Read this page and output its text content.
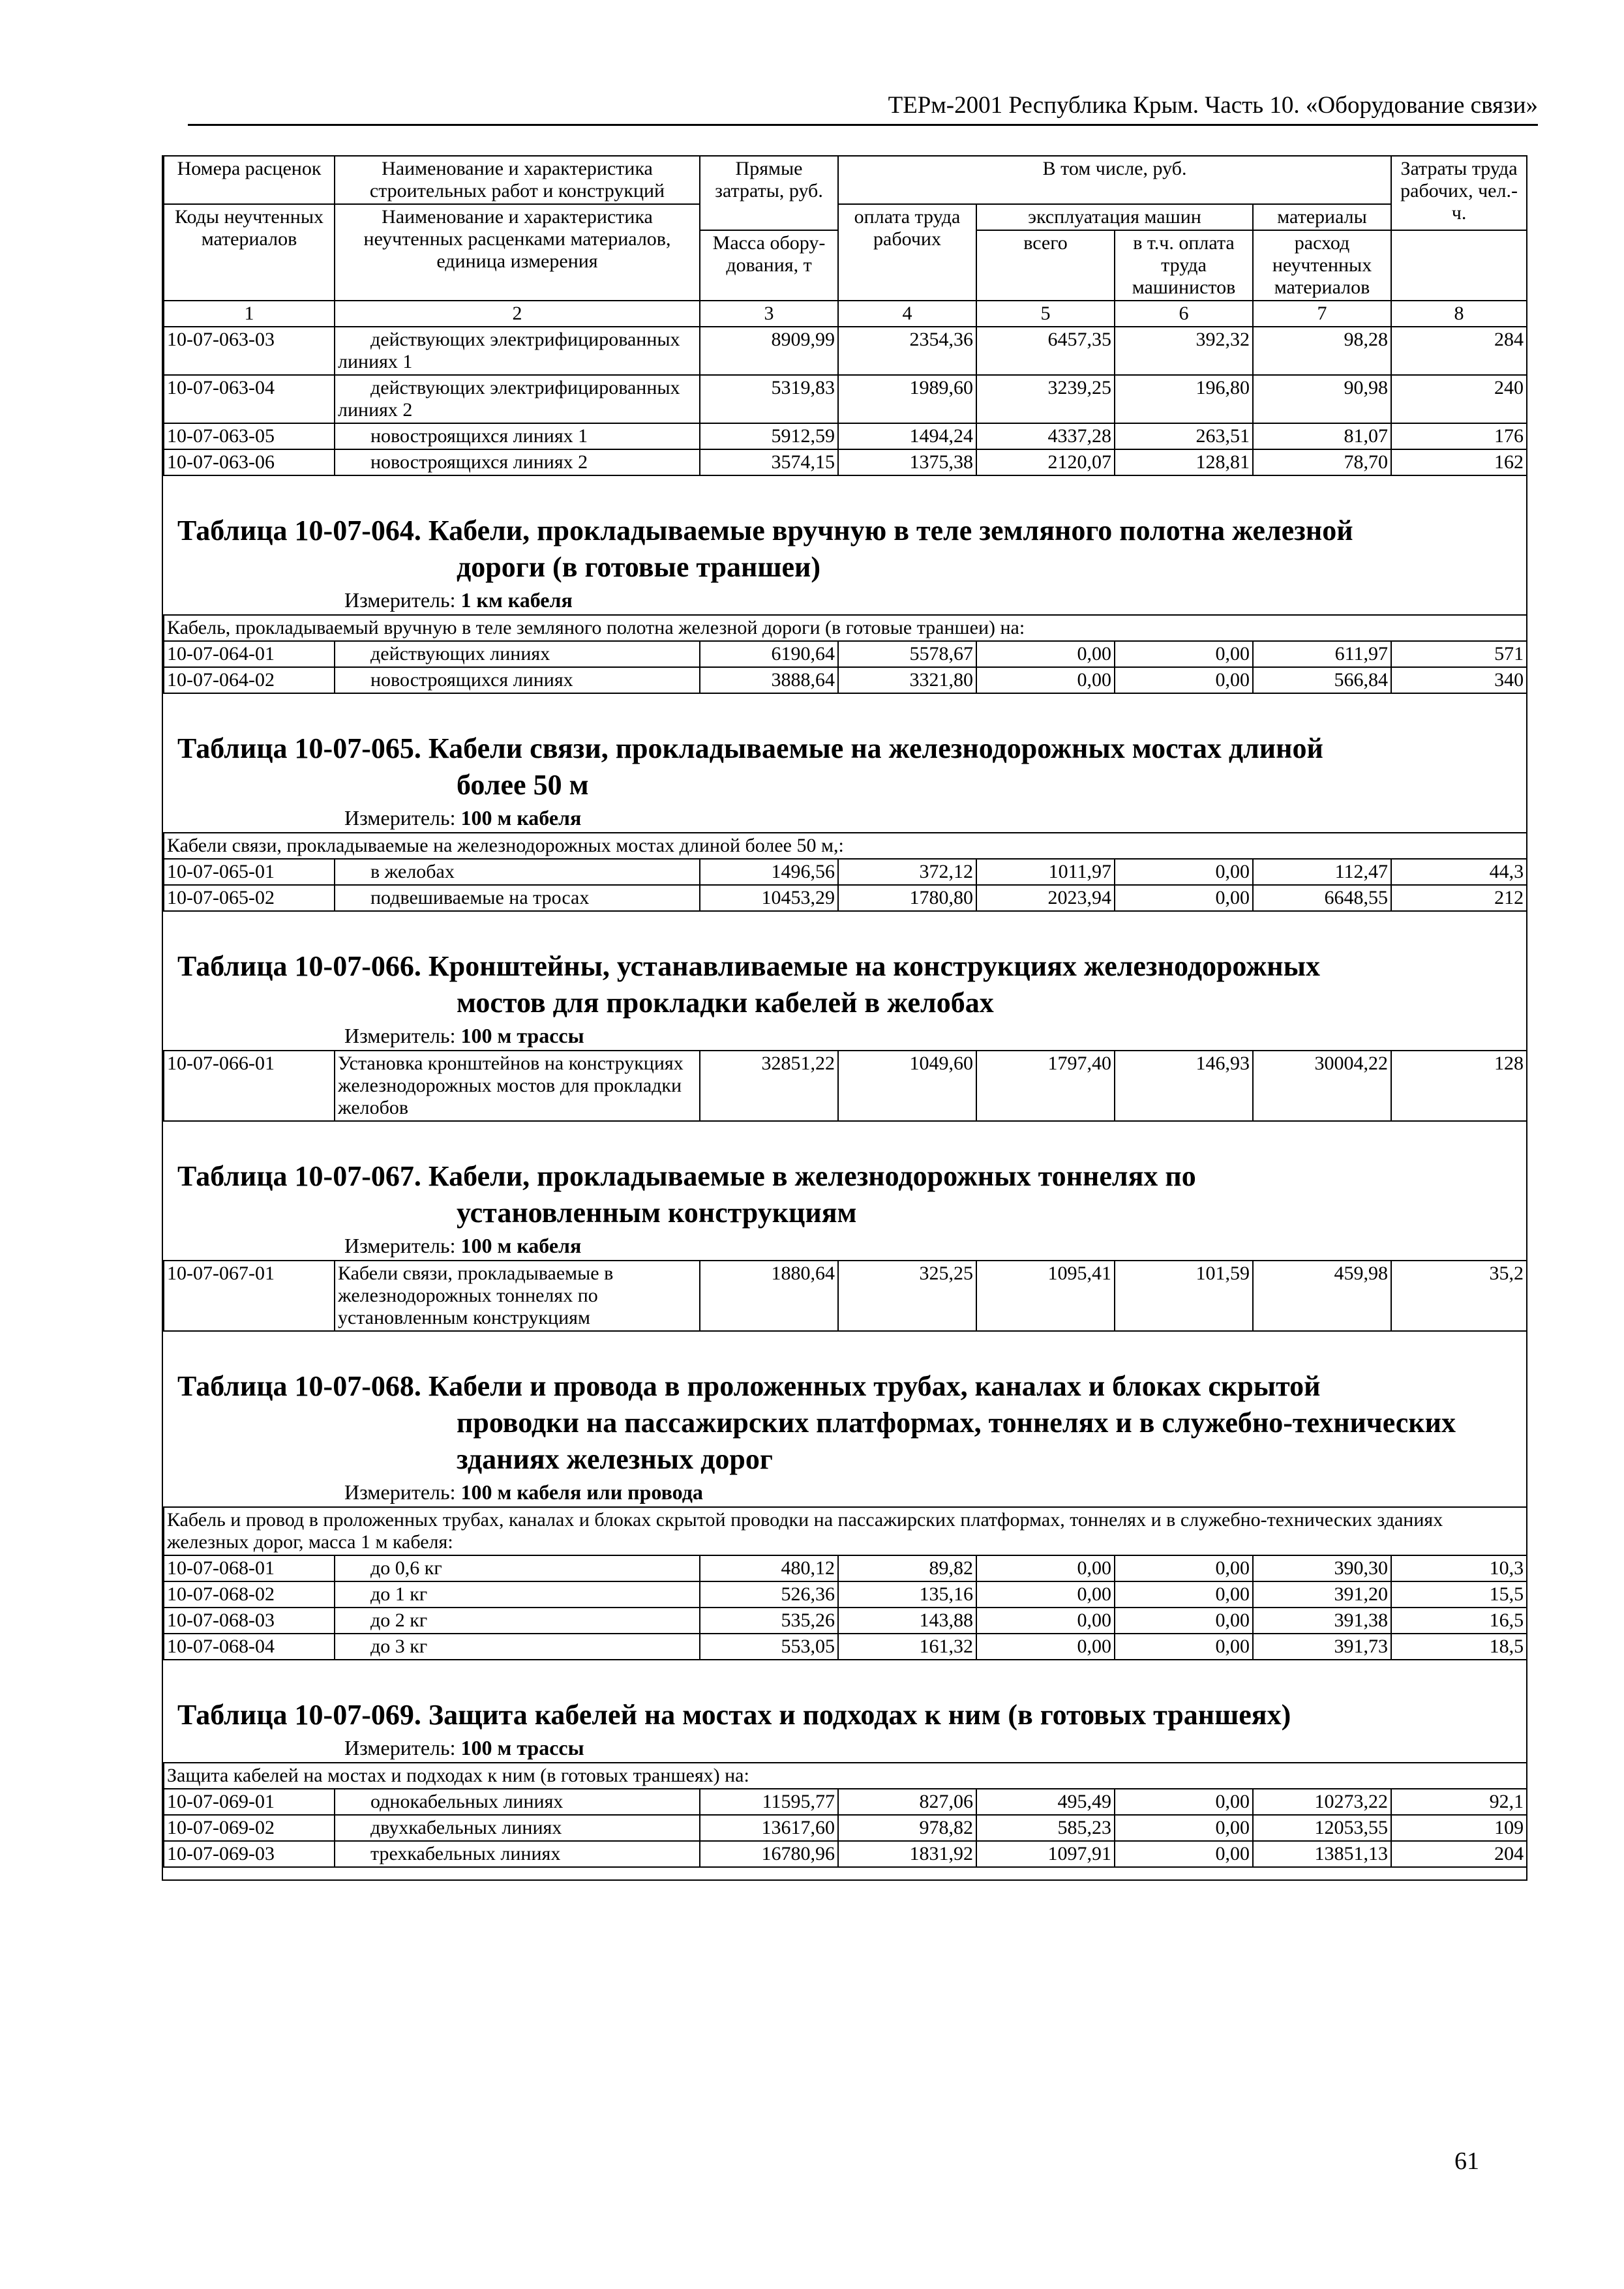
ТЕРм-2001 Республика Крым. Часть 10. «Оборудование связи»
Номера расценок	Наименование и характеристика строительных работ и конструкций	Прямые затраты, руб.	В том числе, руб.				Затраты труда рабочих, чел.-ч.
Коды неучтенных материалов	Наименование и характеристика неучтенных расценками материалов, единица измерения		оплата труда рабочих	эксплуатация машин		материалы	
				всего	в т.ч. оплата труда машинистов	расход неучтенных материалов	
		Масса обору-дования, т					
1	2	3	4	5	6	7	8
10-07-063-03	действующих электрифицированных линиях 1	8909,99	2354,36	6457,35	392,32	98,28	284
10-07-063-04	действующих электрифицированных линиях 2	5319,83	1989,60	3239,25	196,80	90,98	240
10-07-063-05	новостроящихся линиях 1	5912,59	1494,24	4337,28	263,51	81,07	176
10-07-063-06	новостроящихся линиях 2	3574,15	1375,38	2120,07	128,81	78,70	162
Таблица 10-07-064. Кабели, прокладываемые вручную в теле земляного полотна железной
дороги (в готовые траншеи)
Измеритель: 1 км кабеля
Кабель, прокладываемый вручную в теле земляного полотна железной дороги (в готовые траншеи) на:							
10-07-064-01	действующих линиях	6190,64	5578,67	0,00	0,00	611,97	571
10-07-064-02	новостроящихся линиях	3888,64	3321,80	0,00	0,00	566,84	340
Таблица 10-07-065. Кабели связи, прокладываемые на железнодорожных мостах длиной
более 50 м
Измеритель: 100 м кабеля
Кабели связи, прокладываемые на железнодорожных мостах длиной более 50 м,:							
10-07-065-01	в желобах	1496,56	372,12	1011,97	0,00	112,47	44,3
10-07-065-02	подвешиваемые на тросах	10453,29	1780,80	2023,94	0,00	6648,55	212
Таблица 10-07-066. Кронштейны, устанавливаемые на конструкциях железнодорожных
мостов для прокладки кабелей в желобах
Измеритель: 100 м трассы
10-07-066-01	Установка кронштейнов на конструкциях железнодорожных мостов для прокладки желобов	32851,22	1049,60	1797,40	146,93	30004,22	128
Таблица 10-07-067. Кабели, прокладываемые в железнодорожных тоннелях по
установленным конструкциям
Измеритель: 100 м кабеля
10-07-067-01	Кабели связи, прокладываемые в железнодорожных тоннелях по установленным конструкциям	1880,64	325,25	1095,41	101,59	459,98	35,2
Таблица 10-07-068. Кабели и провода в проложенных трубах, каналах и блоках скрытой
проводки на пассажирских платформах, тоннелях и в служебно-технических зданиях железных дорог
Измеритель: 100 м кабеля или провода
Кабель и провод в проложенных трубах, каналах и блоках скрытой проводки на пассажирских платформах, тоннелях и в служебно-технических зданиях железных дорог, масса 1 м кабеля:							
10-07-068-01	до 0,6 кг	480,12	89,82	0,00	0,00	390,30	10,3
10-07-068-02	до 1 кг	526,36	135,16	0,00	0,00	391,20	15,5
10-07-068-03	до 2 кг	535,26	143,88	0,00	0,00	391,38	16,5
10-07-068-04	до 3 кг	553,05	161,32	0,00	0,00	391,73	18,5
Таблица 10-07-069. Защита кабелей на мостах и подходах к ним (в готовых траншеях)
Измеритель: 100 м трассы
Защита кабелей на мостах и подходах к ним (в готовых траншеях) на:							
10-07-069-01	однокабельных линиях	11595,77	827,06	495,49	0,00	10273,22	92,1
10-07-069-02	двухкабельных линиях	13617,60	978,82	585,23	0,00	12053,55	109
10-07-069-03	трехкабельных линиях	16780,96	1831,92	1097,91	0,00	13851,13	204
61
